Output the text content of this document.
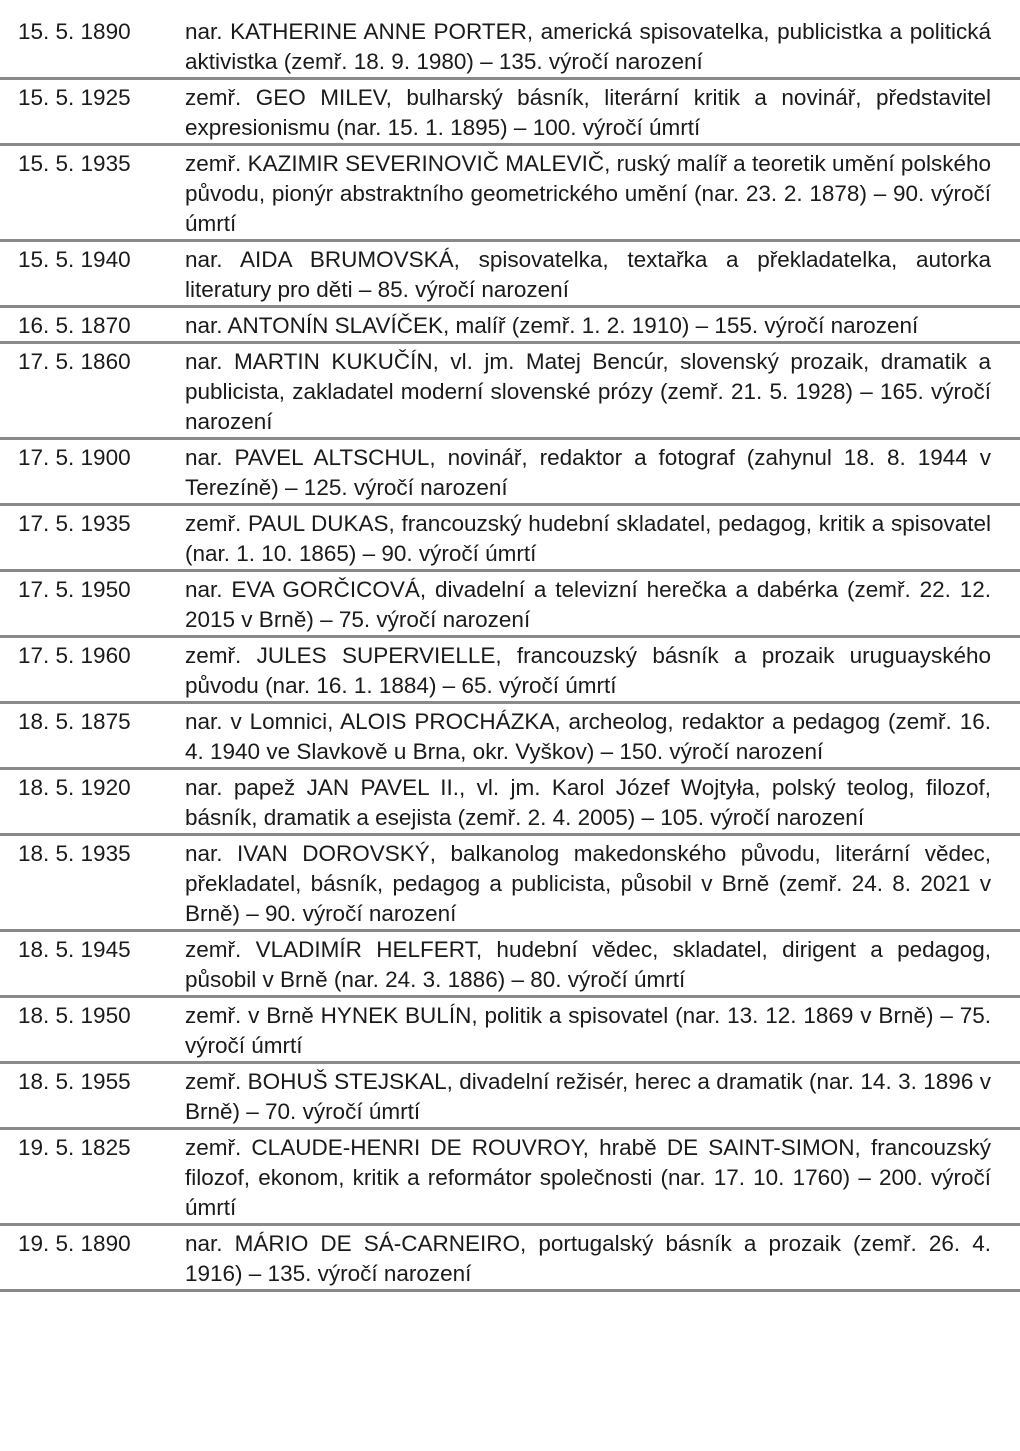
15. 5. 1890	nar. KATHERINE ANNE PORTER, americká spisovatelka, publicistka a politická aktivistka (zemř. 18. 9. 1980) – 135. výročí narození
15. 5. 1925	zemř. GEO MILEV, bulharský básník, literární kritik a novinář, představitel expresionismu (nar. 15. 1. 1895) – 100. výročí úmrtí
15. 5. 1935	zemř. KAZIMIR SEVERINOVIČ MALEVIČ, ruský malíř a teoretik umění polského původu, pionýr abstraktního geometrického umění (nar. 23. 2. 1878) – 90. výročí úmrtí
15. 5. 1940	nar. AIDA BRUMOVSKÁ, spisovatelka, textařka a překladatelka, autorka literatury pro děti – 85. výročí narození
16. 5. 1870	nar. ANTONÍN SLAVÍČEK, malíř (zemř. 1. 2. 1910) – 155. výročí narození
17. 5. 1860	nar. MARTIN KUKUČÍN, vl. jm. Matej Bencúr, slovenský prozaik, dramatik a publicista, zakladatel moderní slovenské prózy (zemř. 21. 5. 1928) – 165. výročí narození
17. 5. 1900	nar. PAVEL ALTSCHUL, novinář, redaktor a fotograf (zahynul 18. 8. 1944 v Terezíně) – 125. výročí narození
17. 5. 1935	zemř. PAUL DUKAS, francouzský hudební skladatel, pedagog, kritik a spisovatel (nar. 1. 10. 1865) – 90. výročí úmrtí
17. 5. 1950	nar. EVA GORČICOVÁ, divadelní a televizní herečka a dabérka (zemř. 22. 12. 2015 v Brně) – 75. výročí narození
17. 5. 1960	zemř. JULES SUPERVIELLE, francouzský básník a prozaik uruguayského původu (nar. 16. 1. 1884) – 65. výročí úmrtí
18. 5. 1875	nar. v Lomnici, ALOIS PROCHÁZKA, archeolog, redaktor a pedagog (zemř. 16. 4. 1940 ve Slavkově u Brna, okr. Vyškov) – 150. výročí narození
18. 5. 1920	nar. papež JAN PAVEL II., vl. jm. Karol Józef Wojtyła, polský teolog, filozof, básník, dramatik a esejista (zemř. 2. 4. 2005) – 105. výročí narození
18. 5. 1935	nar. IVAN DOROVSKÝ, balkanolog makedonského původu, literární vědec, překladatel, básník, pedagog a publicista, působil v Brně (zemř. 24. 8. 2021 v Brně) – 90. výročí narození
18. 5. 1945	zemř. VLADIMÍR HELFERT, hudební vědec, skladatel, dirigent a pedagog, působil v Brně (nar. 24. 3. 1886) – 80. výročí úmrtí
18. 5. 1950	zemř. v Brně HYNEK BULÍN, politik a spisovatel (nar. 13. 12. 1869 v Brně) – 75. výročí úmrtí
18. 5. 1955	zemř. BOHUŠ STEJSKAL, divadelní režisér, herec a dramatik (nar. 14. 3. 1896 v Brně) – 70. výročí úmrtí
19. 5. 1825	zemř. CLAUDE-HENRI DE ROUVROY, hrabě DE SAINT-SIMON, francouzský filozof, ekonom, kritik a reformátor společnosti (nar. 17. 10. 1760) – 200. výročí úmrtí
19. 5. 1890	nar. MÁRIO DE SÁ-CARNEIRO, portugalský básník a prozaik (zemř. 26. 4. 1916) – 135. výročí narození
